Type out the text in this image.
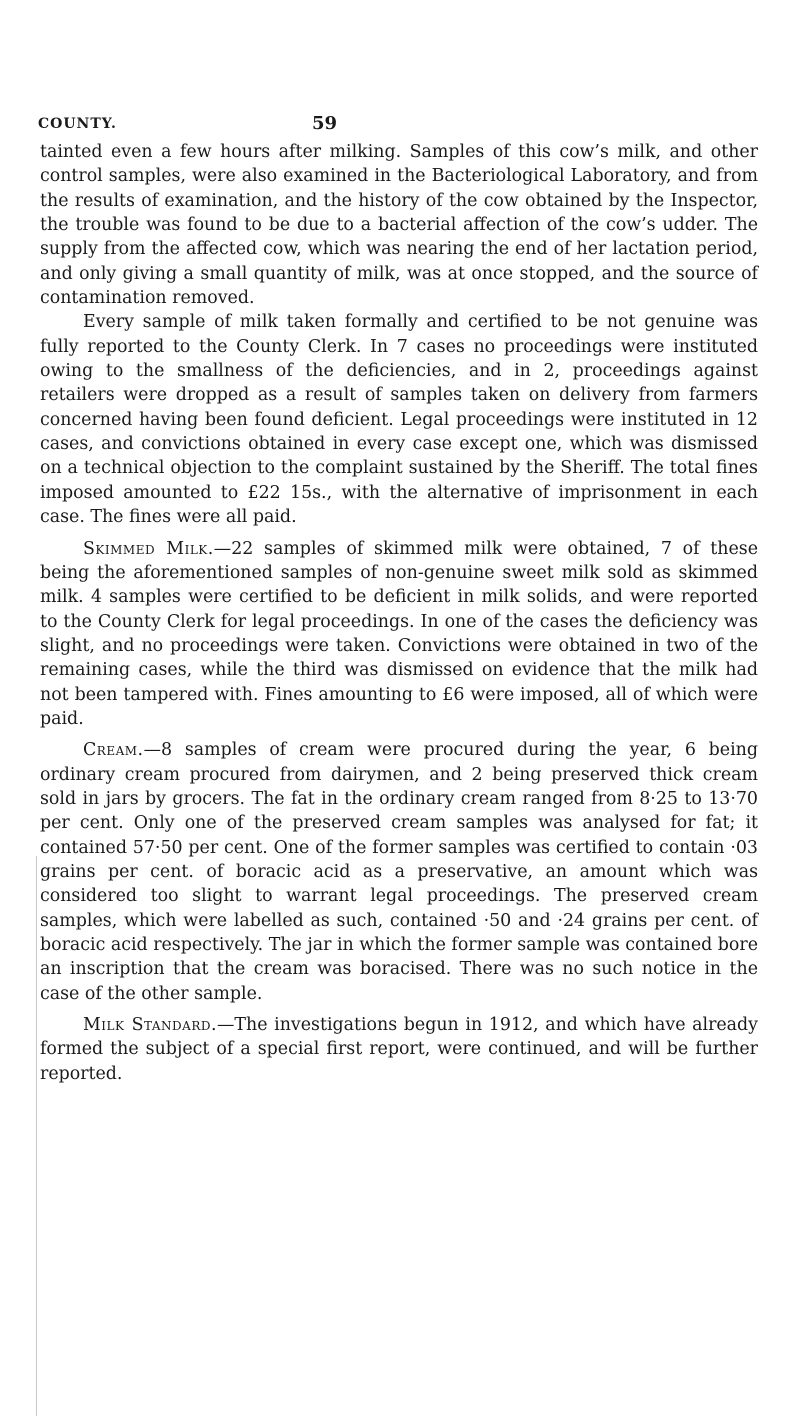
COUNTY.	59

tainted even a few hours after milking. Samples of this cow’s milk, and other control samples, were also examined in the Bacteriological Laboratory, and from the results of examination, and the history of the cow obtained by the Inspector, the trouble was found to be due to a bacterial affection of the cow’s udder. The supply from the affected cow, which was nearing the end of her lactation period, and only giving a small quantity of milk, was at once stopped, and the source of contamination removed.

Every sample of milk taken formally and certified to be not genuine was fully reported to the County Clerk. In 7 cases no proceedings were instituted owing to the smallness of the deficiencies, and in 2, proceedings against retailers were dropped as a result of samples taken on delivery from farmers concerned having been found deficient. Legal proceedings were instituted in 12 cases, and convictions obtained in every case except one, which was dismissed on a technical objection to the complaint sustained by the Sheriff. The total fines imposed amounted to £22 15s., with the alternative of imprisonment in each case. The fines were all paid.

Skimmed Milk.—22 samples of skimmed milk were obtained, 7 of these being the aforementioned samples of non-genuine sweet milk sold as skimmed milk. 4 samples were certified to be deficient in milk solids, and were reported to the County Clerk for legal proceedings. In one of the cases the deficiency was slight, and no proceedings were taken. Convictions were obtained in two of the remaining cases, while the third was dismissed on evidence that the milk had not been tampered with. Fines amounting to £6 were imposed, all of which were paid.

Cream.—8 samples of cream were procured during the year, 6 being ordinary cream procured from dairymen, and 2 being preserved thick cream sold in jars by grocers. The fat in the ordinary cream ranged from 8·25 to 13·70 per cent. Only one of the preserved cream samples was analysed for fat; it contained 57·50 per cent. One of the former samples was certified to contain ·03 grains per cent. of boracic acid as a preservative, an amount which was considered too slight to warrant legal proceedings. The preserved cream samples, which were labelled as such, contained ·50 and ·24 grains per cent. of boracic acid respectively. The jar in which the former sample was contained bore an inscription that the cream was boracised. There was no such notice in the case of the other sample.

Milk Standard.—The investigations begun in 1912, and which have already formed the subject of a special first report, were continued, and will be further reported.
